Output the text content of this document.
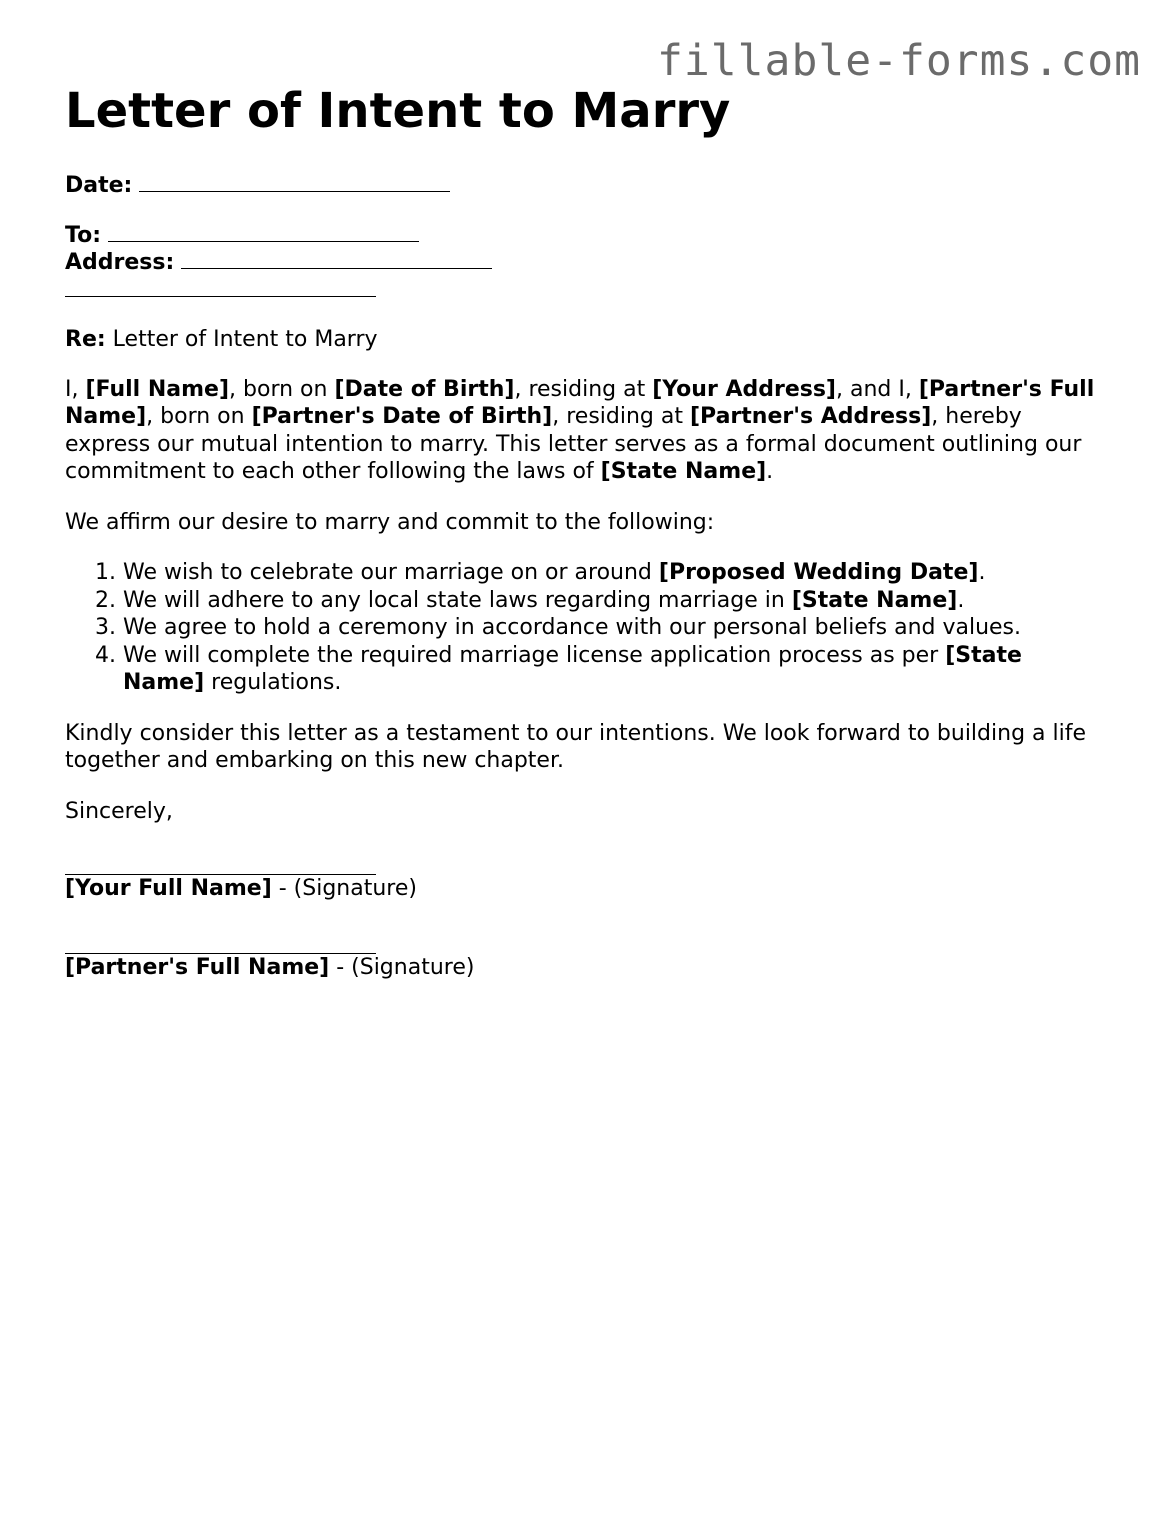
fillable-forms.com
Letter of Intent to Marry
Date:
To:
Address:
Re: Letter of Intent to Marry

I, [Full Name], born on [Date of Birth], residing at [Your Address], and I, [Partner's Full Name], born on [Partner's Date of Birth], residing at [Partner's Address], hereby express our mutual intention to marry. This letter serves as a formal document outlining our commitment to each other following the laws of [State Name].

We affirm our desire to marry and commit to the following:

1. We wish to celebrate our marriage on or around [Proposed Wedding Date].
2. We will adhere to any local state laws regarding marriage in [State Name].
3. We agree to hold a ceremony in accordance with our personal beliefs and values.
4. We will complete the required marriage license application process as per [State Name] regulations.

Kindly consider this letter as a testament to our intentions. We look forward to building a life together and embarking on this new chapter.

Sincerely,

[Your Full Name] - (Signature)
[Partner's Full Name] - (Signature)
